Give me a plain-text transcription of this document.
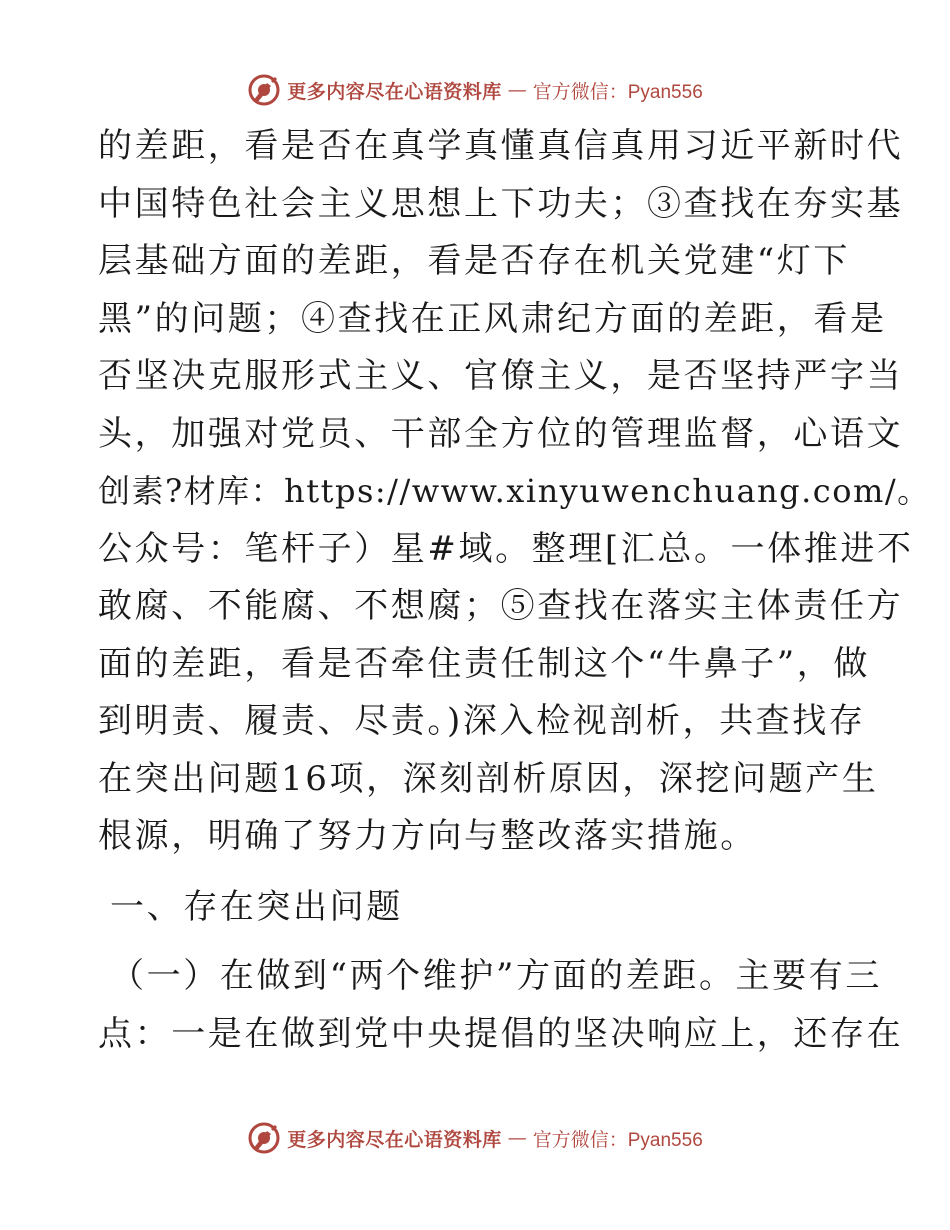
更多内容尽在心语资料库 — 官方微信：Pyan556
的差距，看是否在真学真懂真信真用习近平新时代
中国特色社会主义思想上下功夫；③查找在夯实基
层基础方面的差距，看是否存在机关党建“灯下
黑”的问题；④查找在正风肃纪方面的差距，看是
否坚决克服形式主义、官僚主义，是否坚持严字当
头，加强对党员、干部全方位的管理监督，心语文
创素?材库：https://www.xinyuwenchuang.com/。
公众号：笔杆子）星#域。整理[汇总。一体推进不
敢腐、不能腐、不想腐；⑤查找在落实主体责任方
面的差距，看是否牵住责任制这个“牛鼻子”，做
到明责、履责、尽责。)深入检视剖析，共查找存
在突出问题16项，深刻剖析原因，深挖问题产生
根源，明确了努力方向与整改落实措施。
一、存在突出问题
（一）在做到“两个维护”方面的差距。主要有三
点：一是在做到党中央提倡的坚决响应上，还存在
更多内容尽在心语资料库 — 官方微信：Pyan556
